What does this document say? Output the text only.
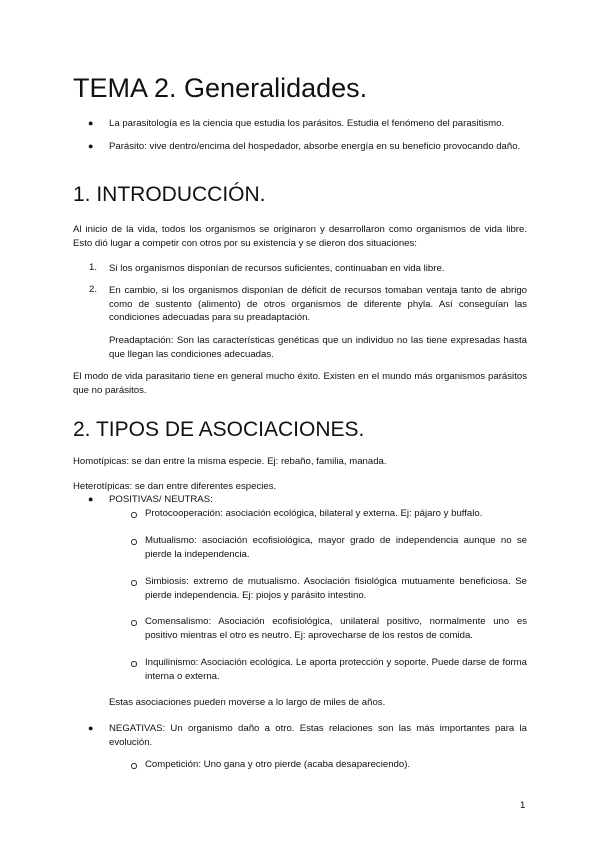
TEMA 2. Generalidades.
● La parasitología es la ciencia que estudia los parásitos. Estudia el fenómeno del parasitismo.

● Parásito: vive dentro/encima del hospedador, absorbe energía en su beneficio provocando daño.

1. INTRODUCCIÓN.

Al inicio de la vida, todos los organismos se originaron y desarrollaron como organismos de vida libre. Esto dió lugar a competir con otros por su existencia y se dieron dos situaciones:

1. Si los organismos disponían de recursos suficientes, continuaban en vida libre.

2. En cambio, si los organismos disponían de déficit de recursos tomaban ventaja tanto de abrigo como de sustento (alimento) de otros organismos de diferente phyla. Así conseguían las condiciones adecuadas para su preadaptación.

Preadaptación: Son las características genéticas que un individuo no las tiene expresadas hasta que llegan las condiciones adecuadas.

El modo de vida parasitario tiene en general mucho éxito. Existen en el mundo más organismos parásitos que no parásitos.

2. TIPOS DE ASOCIACIONES.

Homotípicas: se dan entre la misma especie. Ej: rebaño, familia, manada.

Heterotípicas: se dan entre diferentes especies.

● POSITIVAS/ NEUTRAS:

Protocooperación: asociación ecológica, bilateral y externa. Ej: pájaro y buffalo.

Mutualismo: asociación ecofisiológica, mayor grado de independencia aunque no se pierde la independencia.

Simbiosis: extremo de mutualismo. Asociación fisiológica mutuamente beneficiosa. Se pierde independencia. Ej: piojos y parásito intestino.

Comensalismo: Asociación ecofisiológica, unilateral positivo, normalmente uno es positivo mientras el otro es neutro. Ej: aprovecharse de los restos de comida.

Inquilinismo: Asociación ecológica. Le aporta protección y soporte. Puede darse de forma interna o externa.

Estas asociaciones pueden moverse a lo largo de miles de años.

● NEGATIVAS: Un organismo daño a otro. Estas relaciones son las más importantes para la evolución.

Competición: Uno gana y otro pierde (acaba desapareciendo).

1
